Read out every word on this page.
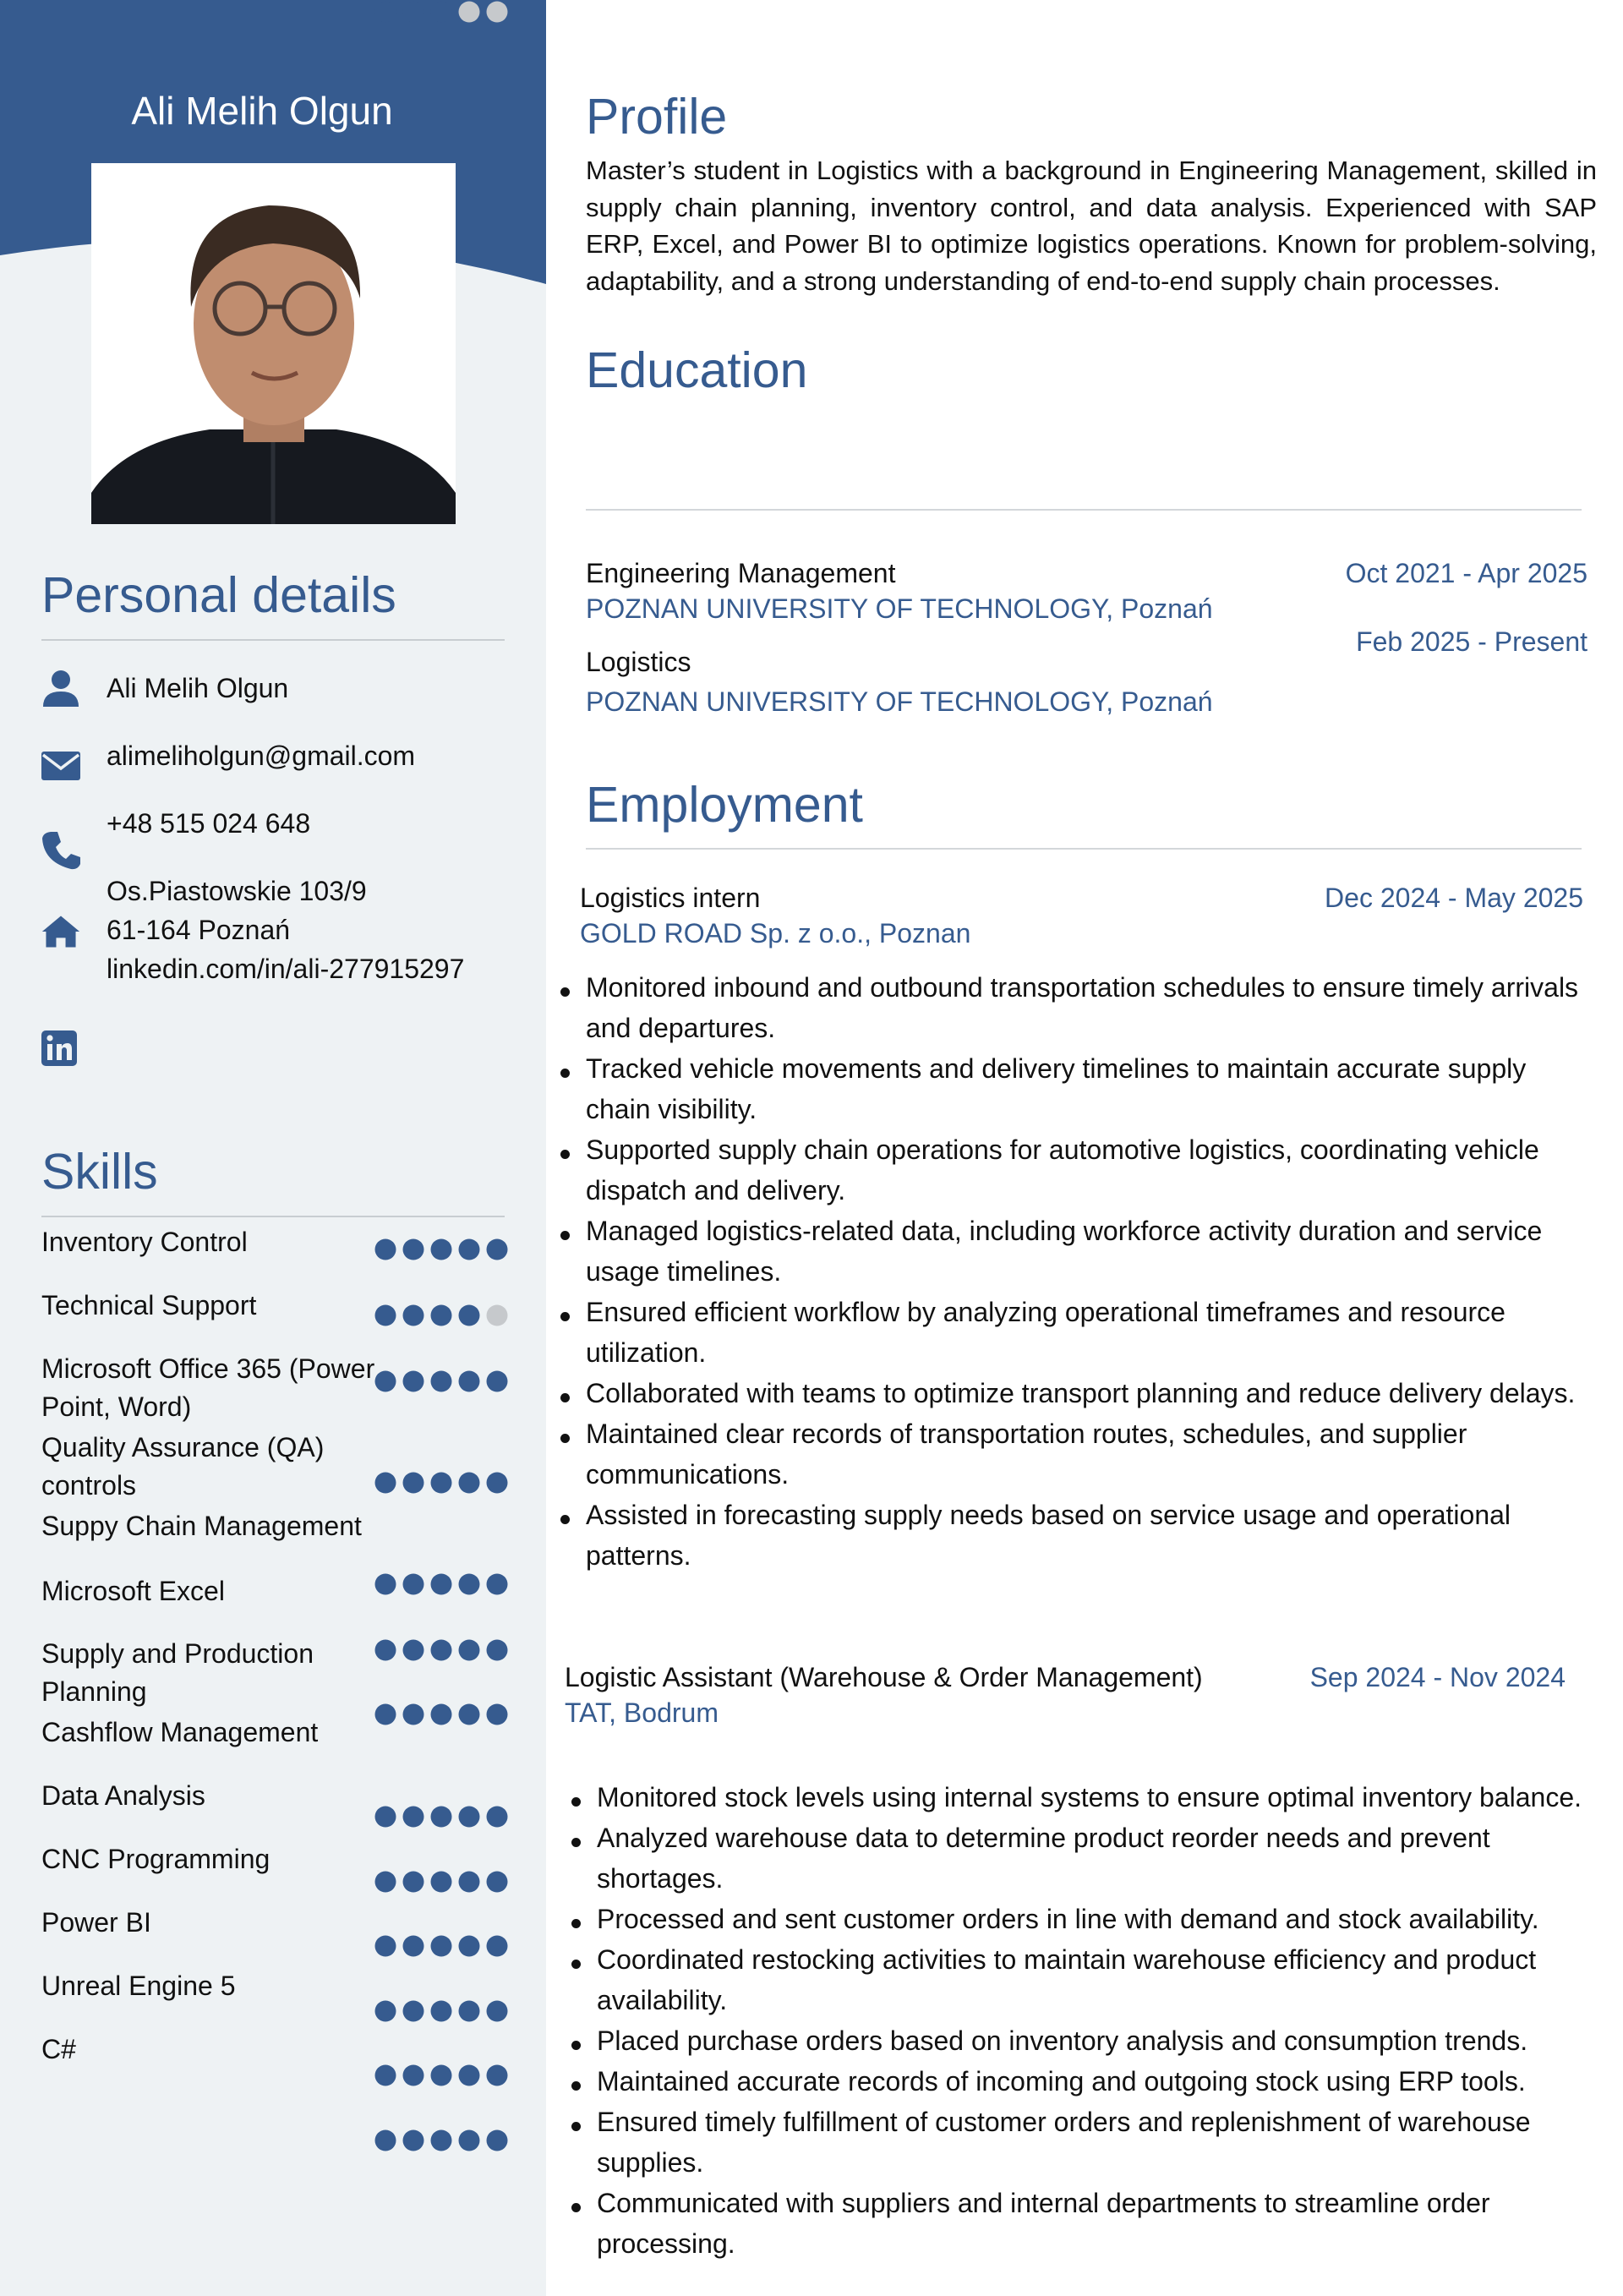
Ali Melih Olgun
Personal details
Ali Melih Olgun
alimeliholgun@gmail.com
+48 515 024 648
Os.Piastowskie 103/9
61-164 Poznań
linkedin.com/in/ali-277915297
Skills
Inventory Control
Technical Support
Microsoft Office 365 (Power Point, Word)
Quality Assurance (QA) controls
Suppy Chain Management
Microsoft Excel
Supply and Production Planning
Cashflow Management
Data Analysis
CNC Programming
Power BI
Unreal Engine 5
C#
Profile
Master’s student in Logistics with a background in Engineering Management, skilled in supply chain planning, inventory control, and data analysis. Experienced with SAP ERP, Excel, and Power BI to optimize logistics operations. Known for problem-solving, adaptability, and a strong understanding of end-to-end supply chain processes.
Education
Engineering Management
POZNAN UNIVERSITY OF TECHNOLOGY, Poznań
Oct 2021 - Apr 2025
Logistics
POZNAN UNIVERSITY OF TECHNOLOGY, Poznań
Feb 2025 - Present
Employment
Logistics intern
GOLD ROAD Sp. z o.o., Poznan
Dec 2024 - May 2025
Monitored inbound and outbound transportation schedules to ensure timely arrivals and departures.
Tracked vehicle movements and delivery timelines to maintain accurate supply chain visibility.
Supported supply chain operations for automotive logistics, coordinating vehicle dispatch and delivery.
Managed logistics-related data, including workforce activity duration and service usage timelines.
Ensured efficient workflow by analyzing operational timeframes and resource utilization.
Collaborated with teams to optimize transport planning and reduce delivery delays.
Maintained clear records of transportation routes, schedules, and supplier communications.
Assisted in forecasting supply needs based on service usage and operational patterns.
Logistic Assistant (Warehouse & Order Management)
TAT, Bodrum
Sep 2024 - Nov 2024
Monitored stock levels using internal systems to ensure optimal inventory balance.
Analyzed warehouse data to determine product reorder needs and prevent shortages.
Processed and sent customer orders in line with demand and stock availability.
Coordinated restocking activities to maintain warehouse efficiency and product availability.
Placed purchase orders based on inventory analysis and consumption trends.
Maintained accurate records of incoming and outgoing stock using ERP tools.
Ensured timely fulfillment of customer orders and replenishment of warehouse supplies.
Communicated with suppliers and internal departments to streamline order processing.
